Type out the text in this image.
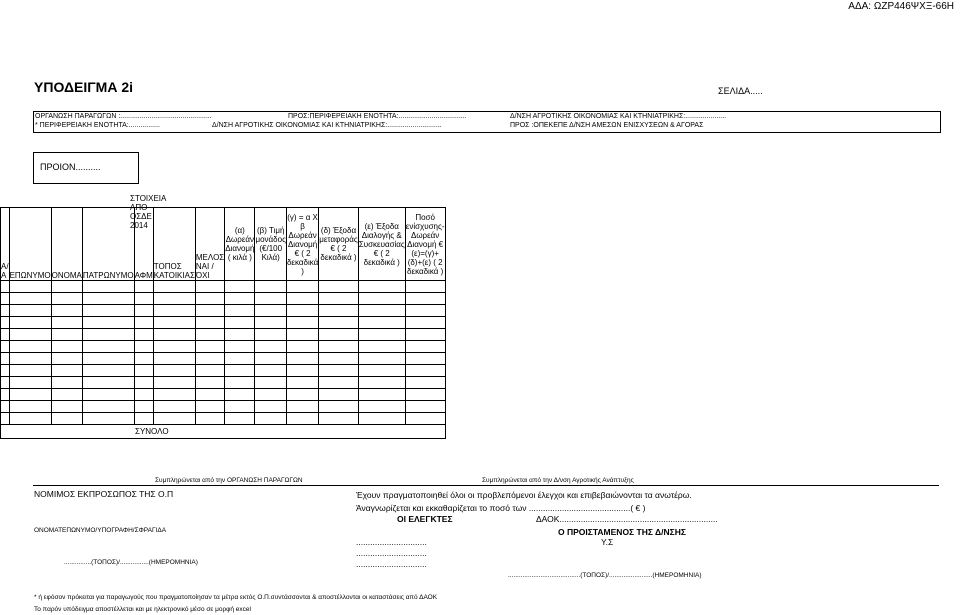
ΑΔΑ: ΩΖΡ446ΨΧΞ-66Η
ΥΠΟΔΕΙΓΜΑ 2i	ΣΕΛΙΔΑ.....
ΟΡΓΑΝΩΣΗ ΠΑΡΑΓΩΓΩΝ :...............................................	ΠΡΟΣ:ΠΕΡΙΦΕΡΕΙΑΚΗ ΕΝΟΤΗΤΑ:...................................	Δ/ΝΣΗ ΑΓΡΟΤΙΚΗΣ ΟΙΚΟΝΟΜΙΑΣ ΚΑΙ ΚΤΗΝΙΑΤΡΙΚΗΣ:.....................
* ΠΕΡΙΦΕΡΕΙΑΚΗ ΕΝΟΤΗΤΑ:................	Δ/ΝΣΗ ΑΓΡΟΤΙΚΗΣ ΟΙΚΟΝΟΜΙΑΣ ΚΑΙ ΚΤΗΝΙΑΤΡΙΚΗΣ:............................	ΠΡΟΣ :ΟΠΕΚΕΠΕ Δ/ΝΣΗ ΑΜΕΣΩΝ ΕΝΙΣΧΥΣΕΩΝ & ΑΓΟΡΑΣ
ΠΡΟΙΟΝ..........
ΣΤΟΙΧΕΙΑ ΑΠΟ ΟΣΔΕ 2014
Α/Α	ΕΠΩΝΥΜΟ	ΟΝΟΜΑ	ΠΑΤΡΩΝΥΜΟ	ΑΦΜ	ΤΟΠΟΣ ΚΑΤΟΙΚΙΑΣ	ΜΕΛΟΣ ΝΑΙ / ΌΧΙ	(α) Δωρεάν Διανομή ( κιλά )	(β) Τιμή μονάδος (€/100 Κιλά)	(γ) = α Χ β Δωρεάν Διανομή € ( 2 δεκαδικά )	(δ) Έξοδα μεταφοράς € ( 2 δεκαδικά )	(ε) Έξοδα Διαλογής & Συσκευασίας € ( 2 δεκαδικά )	Ποσό ενίσχυσης- Δωρεάν Διανομή € (ε)=(γ)+(δ)+(ε) ( 2 δεκαδικά )

ΣΥΝΟΛΟ												
Συμπληρώνεται από την ΟΡΓΑΝΩΣΗ ΠΑΡΑΓΩΓΩΝ	Συμπληρώνεται από την Δ/νση Αγροτικής Ανάπτυξης
ΝΟΜΙΜΟΣ ΕΚΠΡΟΣΩΠΟΣ ΤΗΣ Ο.Π	Έχουν πραγματοποιηθεί όλοι οι προβλεπόμενοι έλεγχοι και επιβεβαιώνονται τα ανωτέρω.
Άναγνωρίζεται και εκκαθαρίζεται το ποσό των ...........................................( € )
ΟΙ ΕΛΕΓΚΤΕΣ	ΔΑΟΚ...................................................................
ΟΝΟΜΑΤΕΠΩΝΥΜΟ/ΥΠΟΓΡΑΦΗ/ΣΦΡΑΓΙΔΑ	Ο ΠΡΟΙΣΤΑΜΕΝΟΣ ΤΗΣ Δ/ΝΣΗΣ
..............................	Υ.Σ
..............................
...............(ΤΟΠΟΣ)/................(ΗΜΕΡΟΜΗΝΙΑ)	..............................
........................................(ΤΟΠΟΣ)/........................(ΗΜΕΡΟΜΗΝΙΑ)
* ή εφόσον πρόκειται για παραγωγούς που πραγματοποίησαν τα μέτρα εκτός Ο.Π.συντάσσονται & αποστέλλονται οι καταστάσεις από ΔΑΟΚ
Το παρόν υπόδειγμα αποστέλλεται και με ηλεκτρονικό μέσο σε μορφή excel
